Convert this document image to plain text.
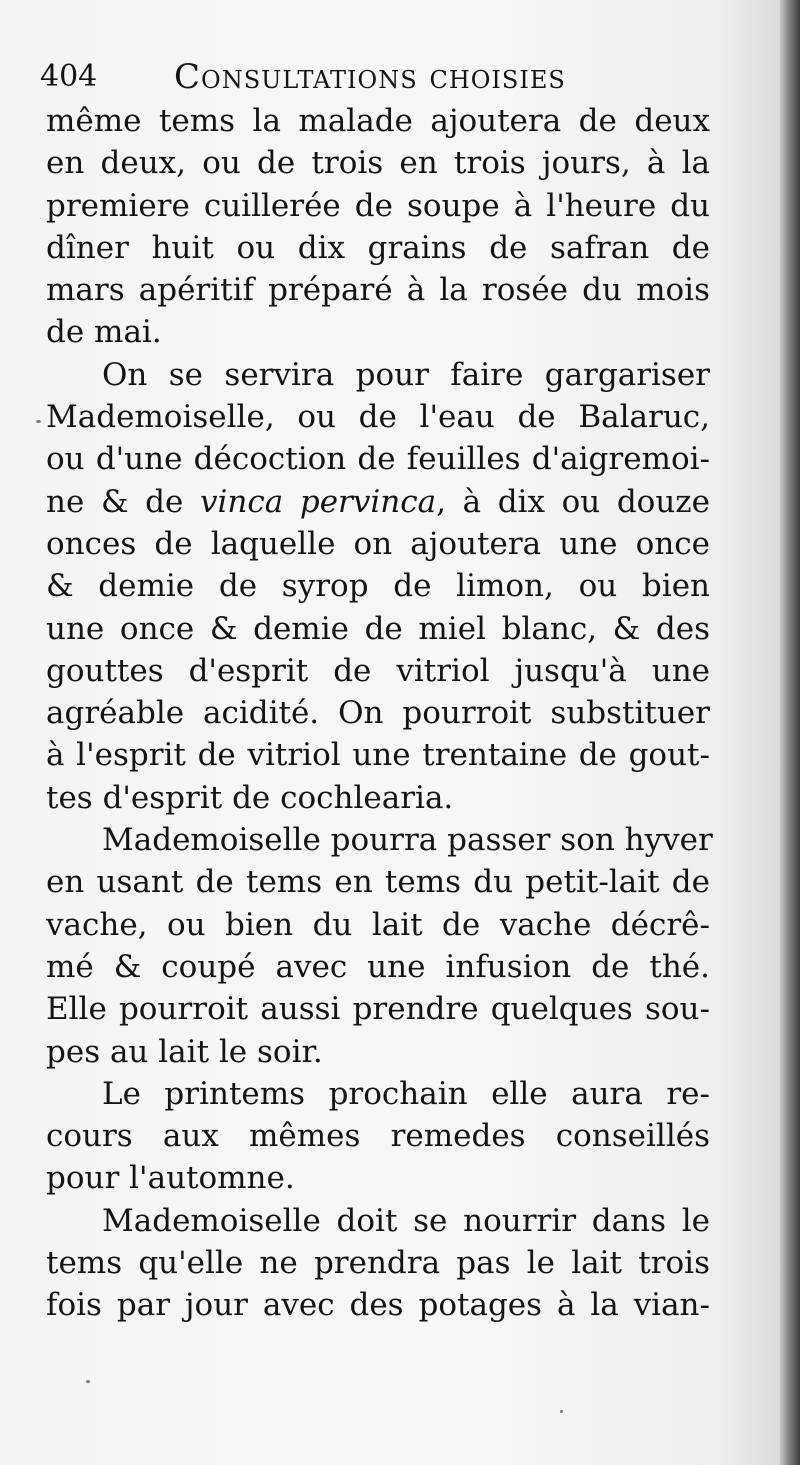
404 Consultations choisies
même tems la malade ajoutera de deux
en deux, ou de trois en trois jours, à la
premiere cuillerée de soupe à l'heure du
dîner huit ou dix grains de safran de
mars apéritif préparé à la rosée du mois
de mai.
On se servira pour faire gargariser
Mademoiselle, ou de l'eau de Balaruc,
ou d'une décoction de feuilles d'aigremoi-
ne & de vinca pervinca, à dix ou douze
onces de laquelle on ajoutera une once
& demie de syrop de limon, ou bien
une once & demie de miel blanc, & des
gouttes d'esprit de vitriol jusqu'à une
agréable acidité. On pourroit substituer
à l'esprit de vitriol une trentaine de gout-
tes d'esprit de cochlearia.
Mademoiselle pourra passer son hyver
en usant de tems en tems du petit-lait de
vache, ou bien du lait de vache décrê-
mé & coupé avec une infusion de thé.
Elle pourroit aussi prendre quelques sou-
pes au lait le soir.
Le printems prochain elle aura re-
cours aux mêmes remedes conseillés
pour l'automne.
Mademoiselle doit se nourrir dans le
tems qu'elle ne prendra pas le lait trois
fois par jour avec des potages à la vian-
